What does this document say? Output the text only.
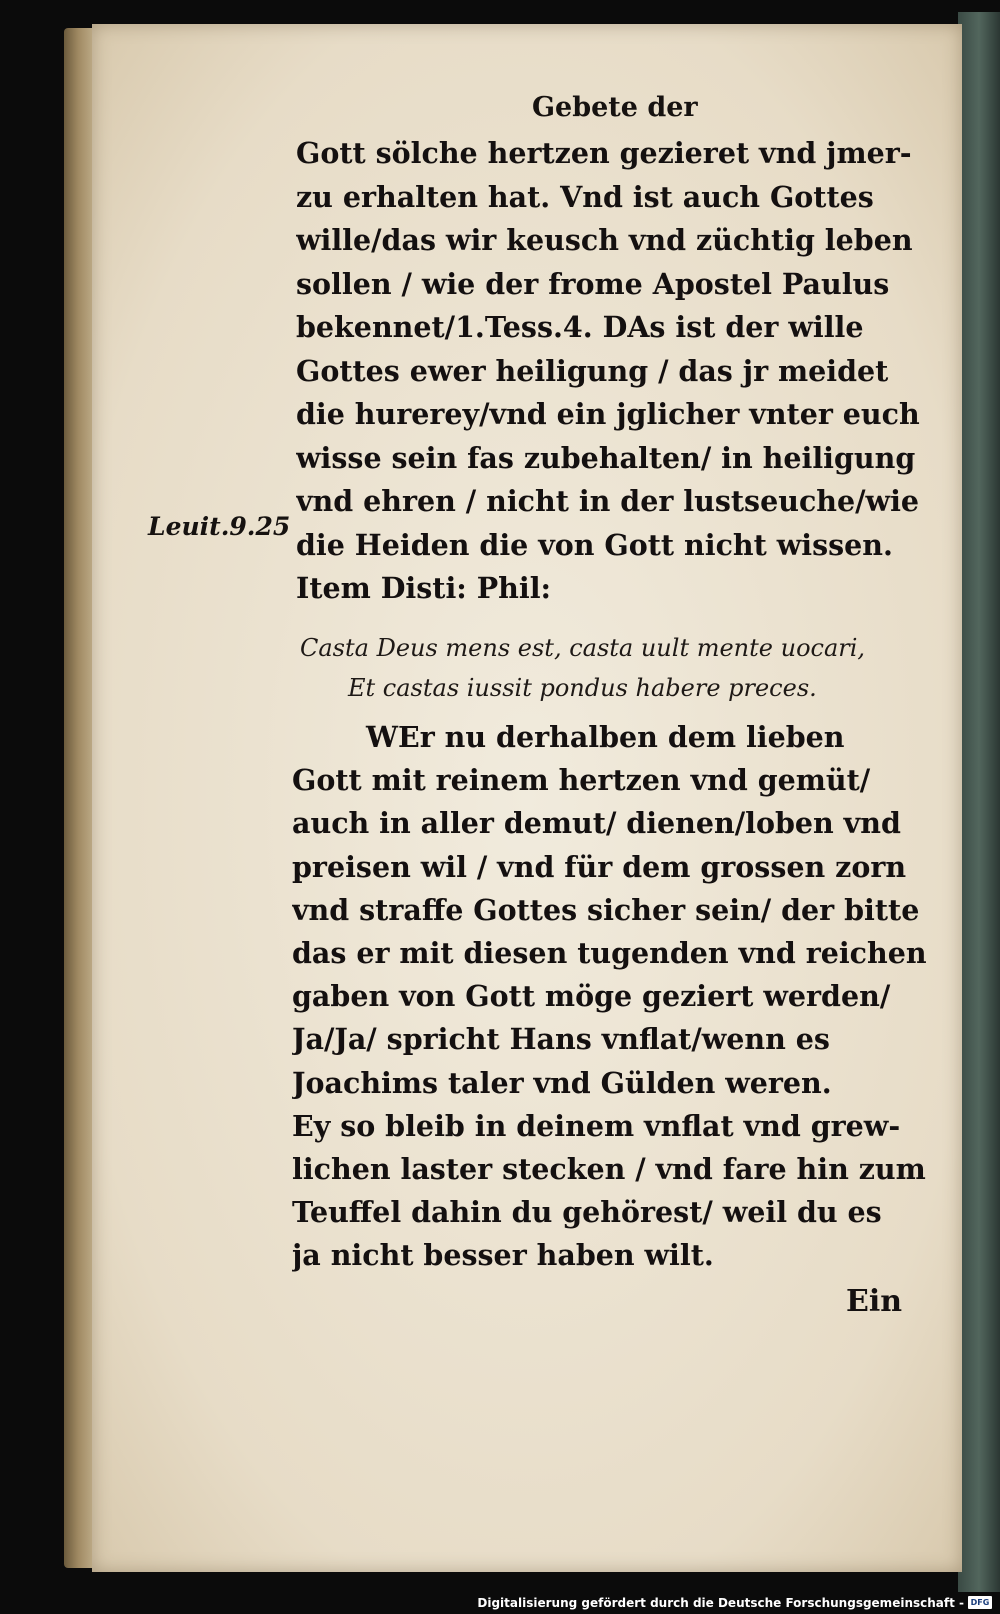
Gebete der
Leuit.9.25
Gott sölche hertzen gezieret vnd jmer-
zu erhalten hat. Vnd ist auch Gottes
wille/das wir keusch vnd züchtig leben
sollen / wie der frome Apostel Paulus
bekennet/1.Tess.4. DAs ist der wille
Gottes ewer heiligung / das jr meidet
die hurerey/vnd ein jglicher vnter euch
wisse sein fas zubehalten/ in heiligung
vnd ehren / nicht in der lustseuche/wie
die Heiden die von Gott nicht wissen.
Item Disti: Phil:
Casta Deus mens est, casta uult mente uocari,
Et castas iussit pondus habere preces.
WEr nu derhalben dem lieben
Gott mit reinem hertzen vnd gemüt/
auch in aller demut/ dienen/loben vnd
preisen wil / vnd für dem grossen zorn
vnd straffe Gottes sicher sein/ der bitte
das er mit diesen tugenden vnd reichen
gaben von Gott möge geziert werden/
Ja/Ja/ spricht Hans vnflat/wenn es
Joachims taler vnd Gülden weren.
Ey so bleib in deinem vnflat vnd grew-
lichen laster stecken / vnd fare hin zum
Teuffel dahin du gehörest/ weil du es
ja nicht besser haben wilt.
Ein
Digitalisierung gefördert durch die Deutsche Forschungsgemeinschaft - DFG
